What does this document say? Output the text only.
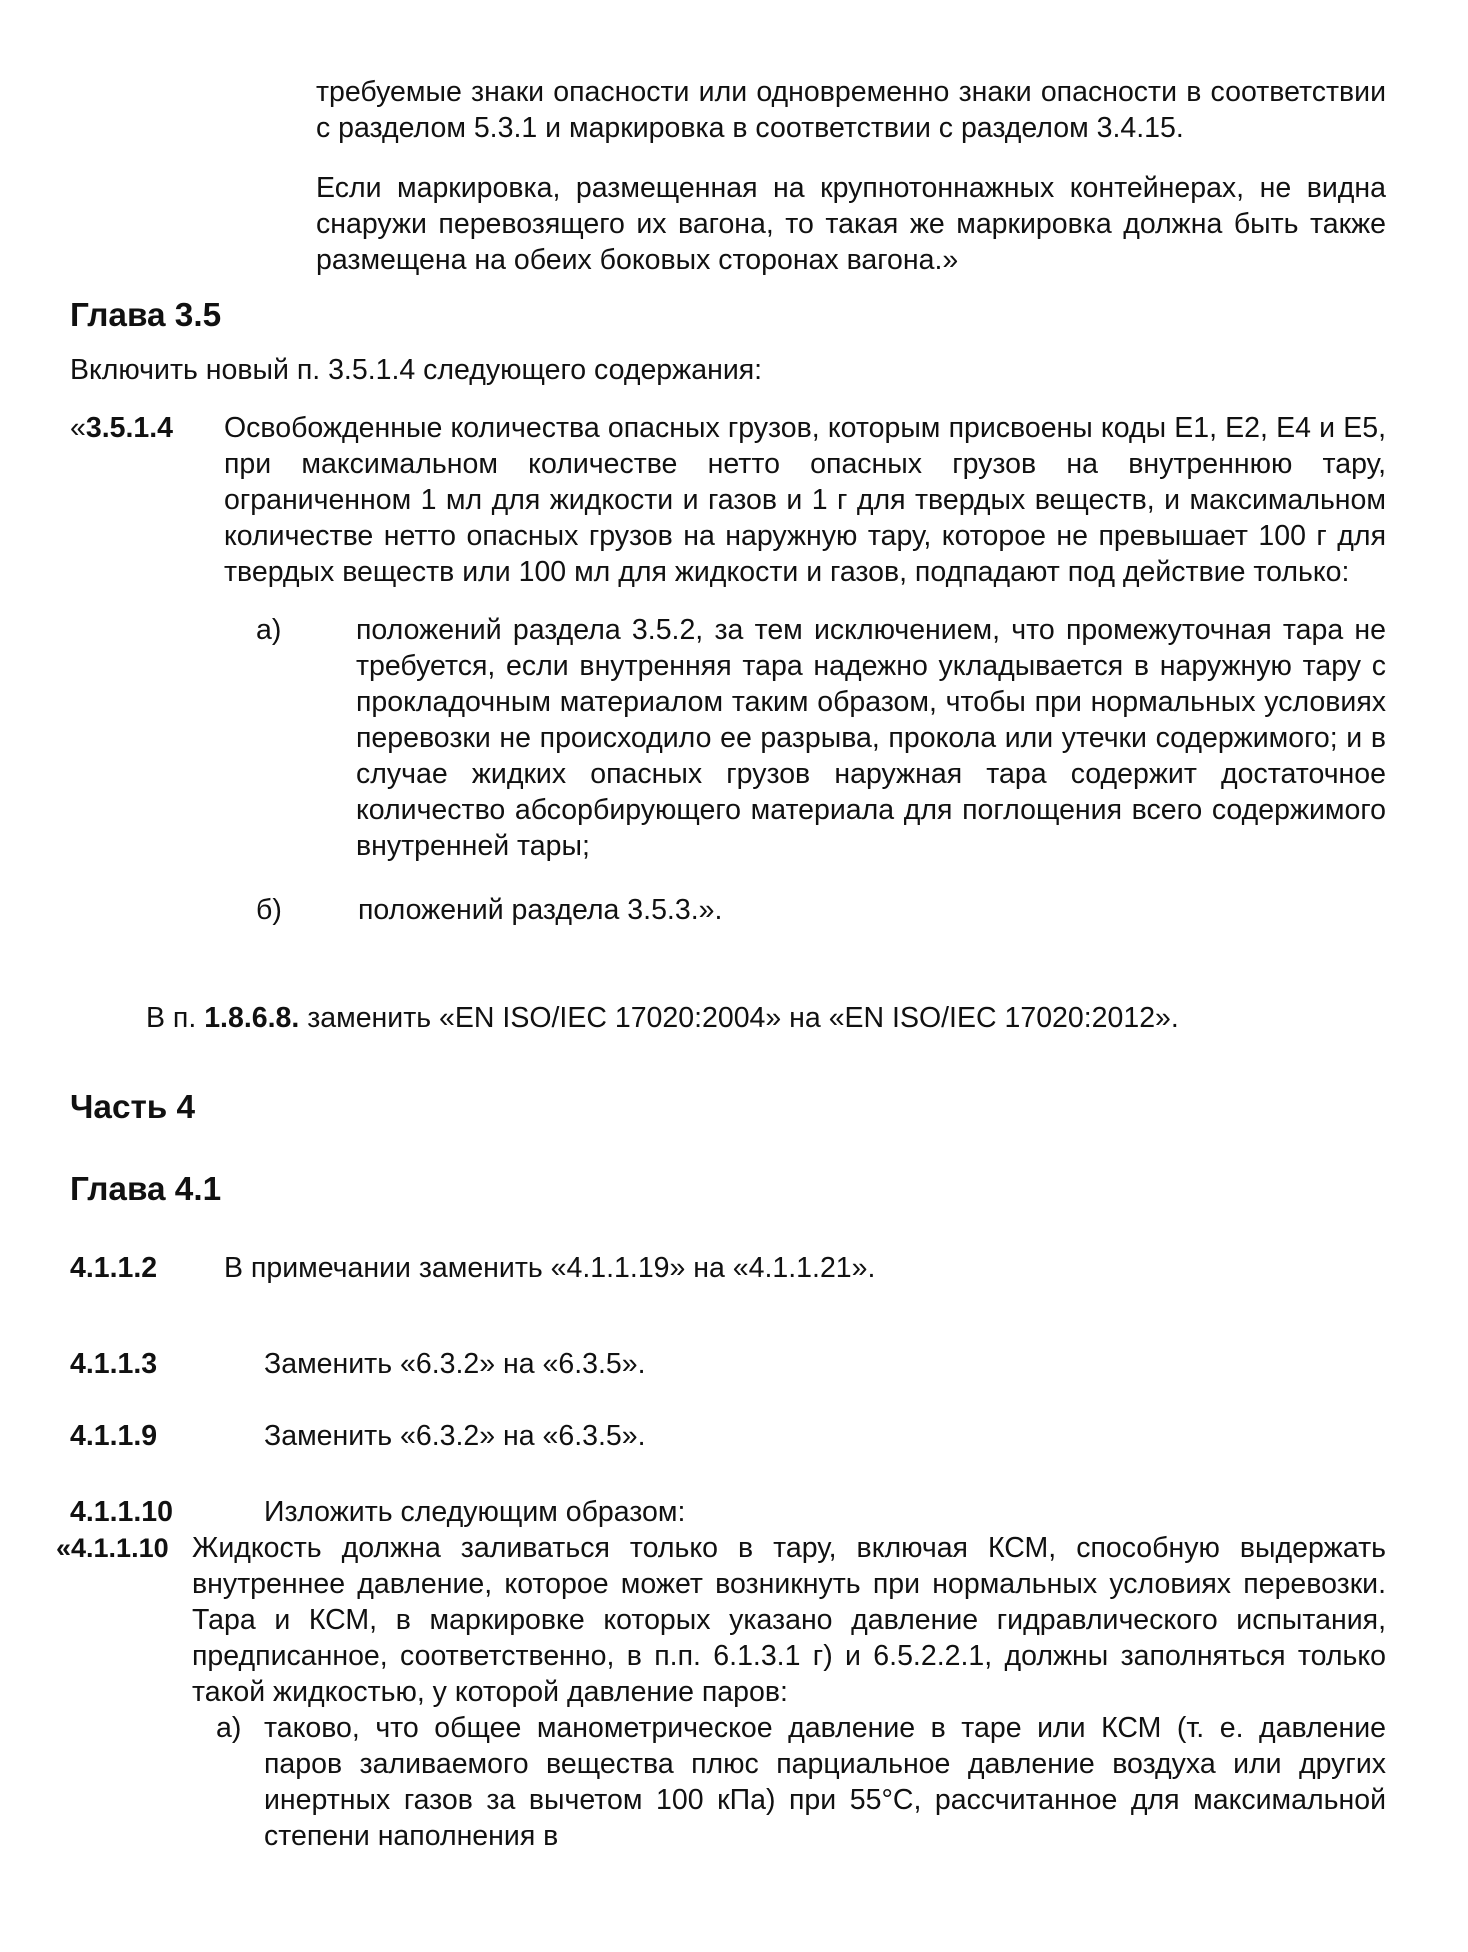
требуемые знаки опасности или одновременно знаки опасности в соответствии с разделом 5.3.1 и маркировка в соответствии с разделом 3.4.15.

Если маркировка, размещенная на крупнотоннажных контейнерах, не видна снаружи перевозящего их вагона, то такая же маркировка должна быть также размещена на обеих боковых сторонах вагона.»

Глава 3.5

Включить новый п. 3.5.1.4 следующего содержания:

«3.5.1.4 Освобожденные количества опасных грузов, которым присвоены коды E1, E2, E4 и E5, при максимальном количестве нетто опасных грузов на внутреннюю тару, ограниченном 1 мл для жидкости и газов и 1 г для твердых веществ, и максимальном количестве нетто опасных грузов на наружную тару, которое не превышает 100 г для твердых веществ или 100 мл для жидкости и газов, подпадают под действие только:

а)	положений раздела 3.5.2, за тем исключением, что промежуточная тара не требуется, если внутренняя тара надежно укладывается в наружную тару с прокладочным материалом таким образом, чтобы при нормальных условиях перевозки не происходило ее разрыва, прокола или утечки содержимого; и в случае жидких опасных грузов наружная тара содержит достаточное количество абсорбирующего материала для поглощения всего содержимого внутренней тары;

б)	положений раздела 3.5.3.».

В п. 1.8.6.8. заменить «EN ISO/IEC 17020:2004» на «EN ISO/IEC 17020:2012».

Часть 4
Глава 4.1
4.1.1.2 В примечании заменить «4.1.1.19» на «4.1.1.21».

4.1.1.3	Заменить «6.3.2» на «6.3.5».

4.1.1.9	Заменить «6.3.2» на «6.3.5».

4.1.1.10	Изложить следующим образом:

«4.1.1.10 Жидкость должна заливаться только в тару, включая КСМ, способную выдержать внутреннее давление, которое может возникнуть при нормальных условиях перевозки. Тара и КСМ, в маркировке которых указано давление гидравлического испытания, предписанное, соответственно, в п.п. 6.1.3.1 г) и 6.5.2.2.1, должны заполняться только такой жидкостью, у которой давление паров:

а) таково, что общее манометрическое давление в таре или КСМ (т. е. давление паров заливаемого вещества плюс парциальное давление воздуха или других инертных газов за вычетом 100 кПа) при 55°С, рассчитанное для максимальной степени наполнения в
